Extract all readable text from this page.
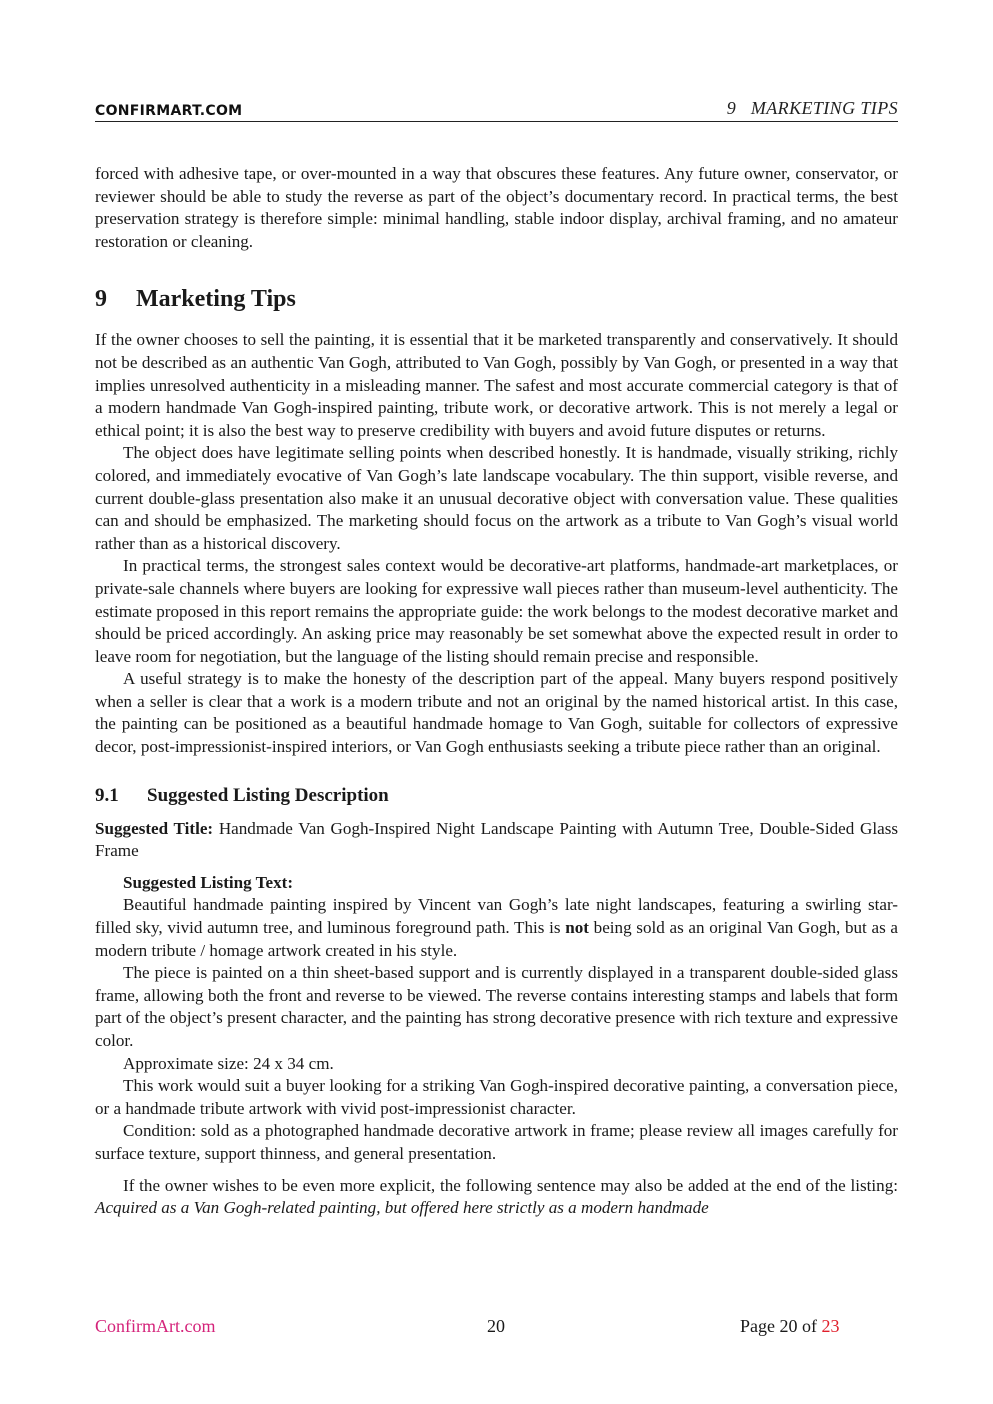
CONFIRMART.COM	9   MARKETING TIPS

forced with adhesive tape, or over-mounted in a way that obscures these features. Any future owner, conservator, or reviewer should be able to study the reverse as part of the object’s documentary record. In practical terms, the best preservation strategy is therefore simple: minimal handling, stable indoor display, archival framing, and no amateur restoration or cleaning.

9 Marketing Tips

If the owner chooses to sell the painting, it is essential that it be marketed transparently and conservatively. It should not be described as an authentic Van Gogh, attributed to Van Gogh, possibly by Van Gogh, or presented in a way that implies unresolved authenticity in a misleading manner. The safest and most accurate commercial category is that of a modern handmade Van Gogh-inspired painting, tribute work, or decorative artwork. This is not merely a legal or ethical point; it is also the best way to preserve credibility with buyers and avoid future disputes or returns.

The object does have legitimate selling points when described honestly. It is handmade, visually striking, richly colored, and immediately evocative of Van Gogh’s late landscape vocabulary. The thin support, visible reverse, and current double-glass presentation also make it an unusual decorative object with conversation value. These qualities can and should be emphasized. The marketing should focus on the artwork as a tribute to Van Gogh’s visual world rather than as a historical discovery.

In practical terms, the strongest sales context would be decorative-art platforms, handmade-art marketplaces, or private-sale channels where buyers are looking for expressive wall pieces rather than museum-level authenticity. The estimate proposed in this report remains the appropriate guide: the work belongs to the modest decorative market and should be priced accordingly. An asking price may reasonably be set somewhat above the expected result in order to leave room for negotiation, but the language of the listing should remain precise and responsible.

A useful strategy is to make the honesty of the description part of the appeal. Many buyers respond positively when a seller is clear that a work is a modern tribute and not an original by the named historical artist. In this case, the painting can be positioned as a beautiful handmade homage to Van Gogh, suitable for collectors of expressive decor, post-impressionist-inspired interiors, or Van Gogh enthusiasts seeking a tribute piece rather than an original.

9.1 Suggested Listing Description

Suggested Title: Handmade Van Gogh-Inspired Night Landscape Painting with Autumn Tree, Double-Sided Glass Frame

Suggested Listing Text:

Beautiful handmade painting inspired by Vincent van Gogh’s late night landscapes, featuring a swirling star-filled sky, vivid autumn tree, and luminous foreground path. This is not being sold as an original Van Gogh, but as a modern tribute / homage artwork created in his style.

The piece is painted on a thin sheet-based support and is currently displayed in a transparent double-sided glass frame, allowing both the front and reverse to be viewed. The reverse contains interesting stamps and labels that form part of the object’s present character, and the painting has strong decorative presence with rich texture and expressive color.

Approximate size: 24 x 34 cm.

This work would suit a buyer looking for a striking Van Gogh-inspired decorative painting, a conversation piece, or a handmade tribute artwork with vivid post-impressionist character.

Condition: sold as a photographed handmade decorative artwork in frame; please review all images carefully for surface texture, support thinness, and general presentation.

If the owner wishes to be even more explicit, the following sentence may also be added at the end of the listing: Acquired as a Van Gogh-related painting, but offered here strictly as a modern handmade

ConfirmArt.com	20	Page 20 of 23
